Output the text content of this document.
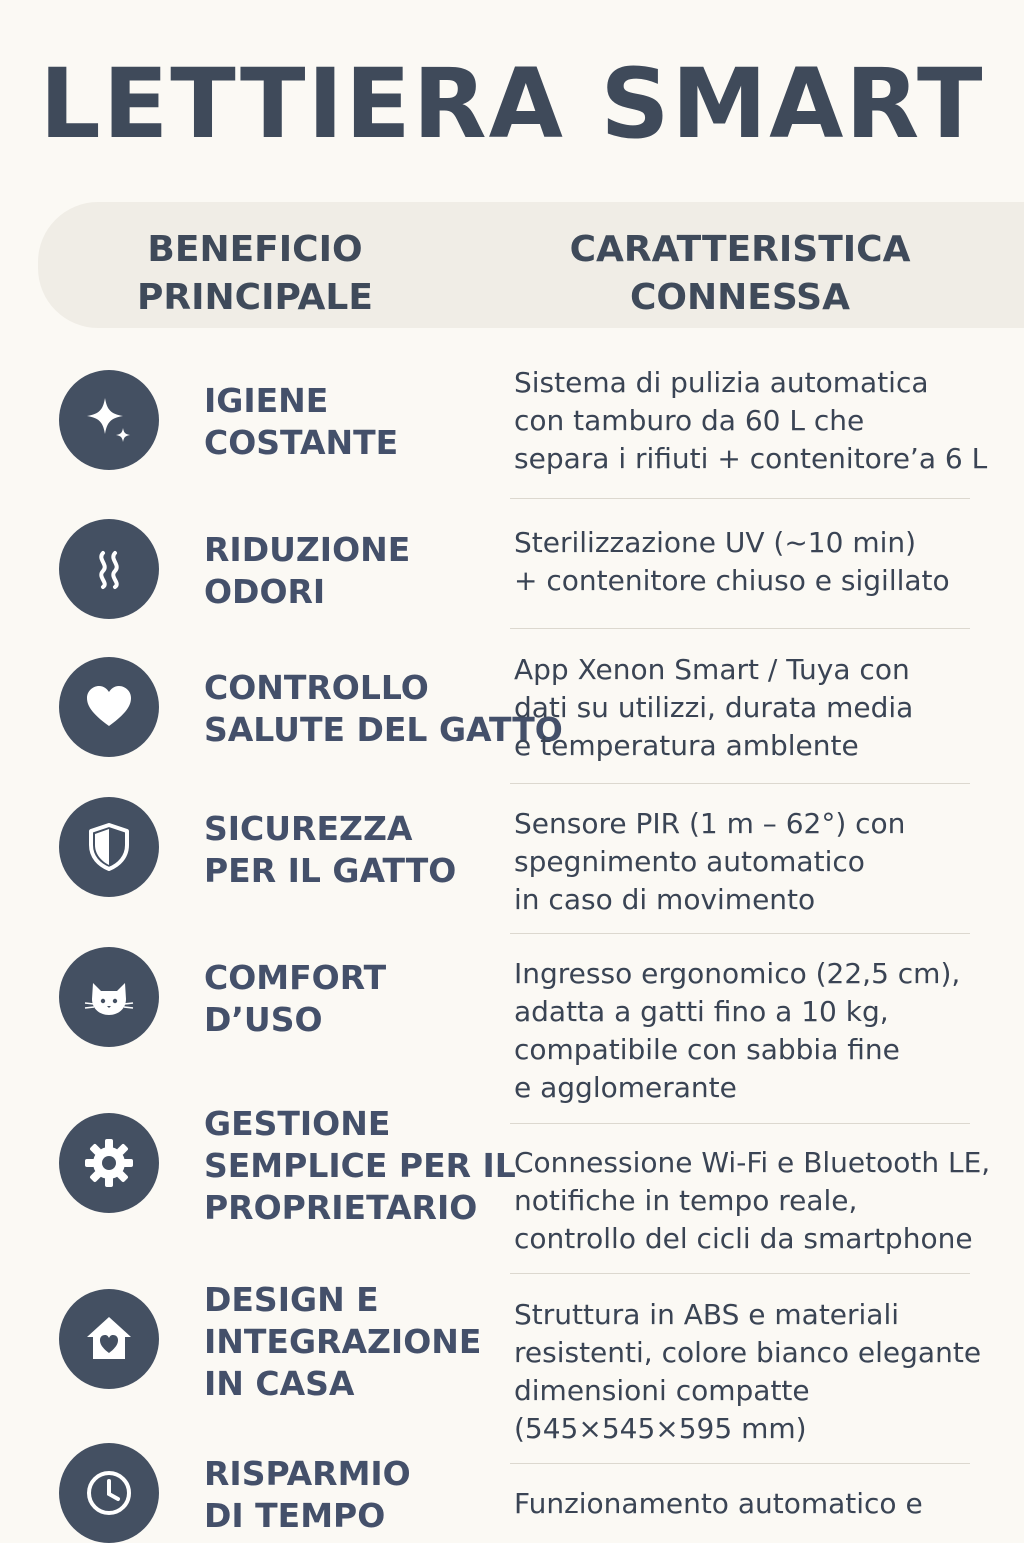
LETTIERA SMART
BENEFICIO
PRINCIPALE
CARATTERISTICA
CONNESSA
IGIENE
COSTANTE
Sistema di pulizia automatica
con tamburo da 60 L che
separa i rifiuti + contenitore’a 6 L
RIDUZIONE
ODORI
Sterilizzazione UV (~10 min)
+ contenitore chiuso e sigillato
CONTROLLO
SALUTE DEL GATTO
App Xenon Smart / Tuya con
dati su utilizzi, durata media
e temperatura amblente
SICUREZZA
PER IL GATTO
Sensore PIR (1 m – 62°) con
spegnimento automatico
in caso di movimento
COMFORT
D’USO
Ingresso ergonomico (22,5 cm),
adatta a gatti fino a 10 kg,
compatibile con sabbia fine
e agglomerante
GESTIONE
SEMPLICE PER IL
PROPRIETARIO
Connessione Wi-Fi e Bluetooth LE,
notifiche in tempo reale,
controllo del cicli da smartphone
DESIGN E
INTEGRAZIONE
IN CASA
Struttura in ABS e materiali
resistenti, colore bianco elegante
dimensioni compatte
(545×545×595 mm)
RISPARMIO
DI TEMPO	Funzionamento automatico e
